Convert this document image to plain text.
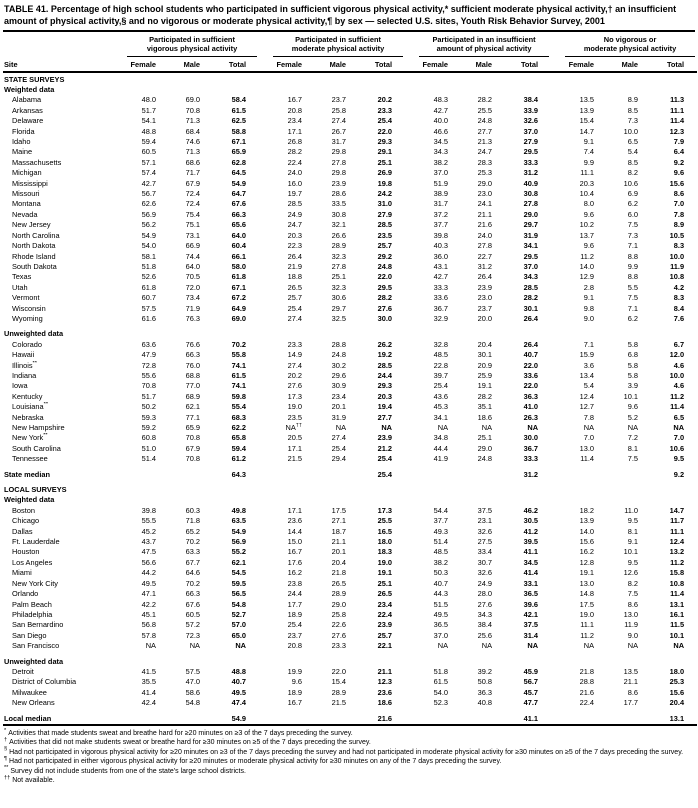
TABLE 41. Percentage of high school students who participated in sufficient vigorous physical activity,* sufficient moderate physical activity,† an insufficient amount of physical activity,§ and no vigorous or moderate physical activity,¶ by sex — selected U.S. sites, Youth Risk Behavior Survey, 2001
Site	
Participated in sufficient
vigorous physical activity

Participated in sufficient
moderate physical activity

Participated in an insufficient
amount of physical activity

No vigorous or
moderate physical activity

	Female	Male	Total	Female	Male	Total	Female	Male	Total	Female	Male	Total
STATE SURVEYS												
Weighted data												
Alabama	48.0	69.0	58.4	16.7	23.7	20.2	48.3	28.2	38.4	13.5	8.9	11.3
Arkansas	51.7	70.8	61.5	20.8	25.8	23.3	42.7	25.5	33.9	13.9	8.5	11.1
Delaware	54.1	71.3	62.5	23.4	27.4	25.4	40.0	24.8	32.6	15.4	7.3	11.4
Florida	48.8	68.4	58.8	17.1	26.7	22.0	46.6	27.7	37.0	14.7	10.0	12.3
Idaho	59.4	74.6	67.1	26.8	31.7	29.3	34.5	21.3	27.9	9.1	6.5	7.9
Maine	60.5	71.3	65.9	28.2	29.8	29.1	34.3	24.7	29.5	7.4	5.4	6.4
Massachusetts	57.1	68.6	62.8	22.4	27.8	25.1	38.2	28.3	33.3	9.9	8.5	9.2
Michigan	57.4	71.7	64.5	24.0	29.8	26.9	37.0	25.3	31.2	11.1	8.2	9.6
Mississippi	42.7	67.9	54.9	16.0	23.9	19.8	51.9	29.0	40.9	20.3	10.6	15.6
Missouri	56.7	72.4	64.7	19.7	28.6	24.2	38.9	23.0	30.8	10.4	6.9	8.6
Montana	62.6	72.4	67.6	28.5	33.5	31.0	31.7	24.1	27.8	8.0	6.2	7.0
Nevada	56.9	75.4	66.3	24.9	30.8	27.9	37.2	21.1	29.0	9.6	6.0	7.8
New Jersey	56.2	75.1	65.6	24.7	32.1	28.5	37.7	21.6	29.7	10.2	7.5	8.9
North Carolina	54.9	73.1	64.0	20.3	26.6	23.5	39.8	24.0	31.9	13.7	7.3	10.5
North Dakota	54.0	66.9	60.4	22.3	28.9	25.7	40.3	27.8	34.1	9.6	7.1	8.3
Rhode Island	58.1	74.4	66.1	26.4	32.3	29.2	36.0	22.7	29.5	11.2	8.8	10.0
South Dakota	51.8	64.0	58.0	21.9	27.8	24.8	43.1	31.2	37.0	14.0	9.9	11.9
Texas	52.6	70.5	61.8	18.8	25.1	22.0	42.7	26.4	34.3	12.9	8.8	10.8
Utah	61.8	72.0	67.1	26.5	32.3	29.5	33.3	23.9	28.5	2.8	5.5	4.2
Vermont	60.7	73.4	67.2	25.7	30.6	28.2	33.6	23.0	28.2	9.1	7.5	8.3
Wisconsin	57.5	71.9	64.9	25.4	29.7	27.6	36.7	23.7	30.1	9.8	7.1	8.4
Wyoming	61.6	76.3	69.0	27.4	32.5	30.0	32.9	20.0	26.4	9.0	6.2	7.6
Unweighted data												
Colorado	63.6	76.6	70.2	23.3	28.8	26.2	32.8	20.4	26.4	7.1	5.8	6.7
Hawaii	47.9	66.3	55.8	14.9	24.8	19.2	48.5	30.1	40.7	15.9	6.8	12.0
Illinois**	72.8	76.0	74.1	27.4	30.2	28.5	22.8	20.9	22.0	3.6	5.8	4.6
Indiana	55.6	68.8	61.5	20.2	29.6	24.4	39.7	25.9	33.6	13.4	5.8	10.0
Iowa	70.8	77.0	74.1	27.6	30.9	29.3	25.4	19.1	22.0	5.4	3.9	4.6
Kentucky	51.7	68.9	59.8	17.3	23.4	20.3	43.6	28.2	36.3	12.4	10.1	11.2
Louisiana**	50.2	62.1	55.4	19.0	20.1	19.4	45.3	35.1	41.0	12.7	9.6	11.4
Nebraska	59.3	77.1	68.3	23.5	31.9	27.7	34.1	18.6	26.3	7.8	5.2	6.5
New Hampshire	59.2	65.9	62.2	NA††	NA	NA	NA	NA	NA	NA	NA	NA
New York**	60.8	70.8	65.8	20.5	27.4	23.9	34.8	25.1	30.0	7.0	7.2	7.0
South Carolina	51.0	67.9	59.4	17.1	25.4	21.2	44.4	29.0	36.7	13.0	8.1	10.6
Tennessee	51.4	70.8	61.2	21.5	29.4	25.4	41.9	24.8	33.3	11.4	7.5	9.5
State median			64.3			25.4			31.2			9.2
LOCAL SURVEYS												
Weighted data												
Boston	39.8	60.3	49.8	17.1	17.5	17.3	54.4	37.5	46.2	18.2	11.0	14.7
Chicago	55.5	71.8	63.5	23.6	27.1	25.5	37.7	23.1	30.5	13.9	9.5	11.7
Dallas	45.2	65.2	54.9	14.4	18.7	16.5	49.3	32.6	41.2	14.0	8.1	11.1
Ft. Lauderdale	43.7	70.2	56.9	15.0	21.1	18.0	51.4	27.5	39.5	15.6	9.1	12.4
Houston	47.5	63.3	55.2	16.7	20.1	18.3	48.5	33.4	41.1	16.2	10.1	13.2
Los Angeles	56.6	67.7	62.1	17.6	20.4	19.0	38.2	30.7	34.5	12.8	9.5	11.2
Miami	44.2	64.6	54.5	16.2	21.8	19.1	50.3	32.6	41.4	19.1	12.6	15.8
New York City	49.5	70.2	59.5	23.8	26.5	25.1	40.7	24.9	33.1	13.0	8.2	10.8
Orlando	47.1	66.3	56.5	24.4	28.9	26.5	44.3	28.0	36.5	14.8	7.5	11.4
Palm Beach	42.2	67.6	54.8	17.7	29.0	23.4	51.5	27.6	39.6	17.5	8.6	13.1
Philadelphia	45.1	60.5	52.7	18.9	25.8	22.4	49.5	34.3	42.1	19.0	13.0	16.1
San Bernardino	56.8	57.2	57.0	25.4	22.6	23.9	36.5	38.4	37.5	11.1	11.9	11.5
San Diego	57.8	72.3	65.0	23.7	27.6	25.7	37.0	25.6	31.4	11.2	9.0	10.1
San Francisco	NA	NA	NA	20.8	23.3	22.1	NA	NA	NA	NA	NA	NA
Unweighted data												
Detroit	41.5	57.5	48.8	19.9	22.0	21.1	51.8	39.2	45.9	21.8	13.5	18.0
District of Columbia	35.5	47.0	40.7	9.6	15.4	12.3	61.5	50.8	56.7	28.8	21.1	25.3
Milwaukee	41.4	58.6	49.5	18.9	28.9	23.6	54.0	36.3	45.7	21.6	8.6	15.6
New Orleans	42.4	54.8	47.4	16.7	21.5	18.6	52.3	40.8	47.7	22.4	17.7	20.4
Local median			54.9			21.6			41.1			13.1
* Activities that made students sweat and breathe hard for ≥20 minutes on ≥3 of the 7 days preceding the survey.
† Activities that did not make students sweat or breathe hard for ≥30 minutes on ≥5 of the 7 days preceding the survey.
§ Had not participated in vigorous physical activity for ≥20 minutes on ≥3 of the 7 days preceding the survey and had not participated in moderate physical activity for ≥30 minutes on ≥5 of the 7 days preceding the survey.
¶ Had not participated in either vigorous physical activity for ≥20 minutes or moderate physical activity for ≥30 minutes on any of the 7 days preceding the survey.
** Survey did not include students from one of the state's large school districts.
†† Not available.
